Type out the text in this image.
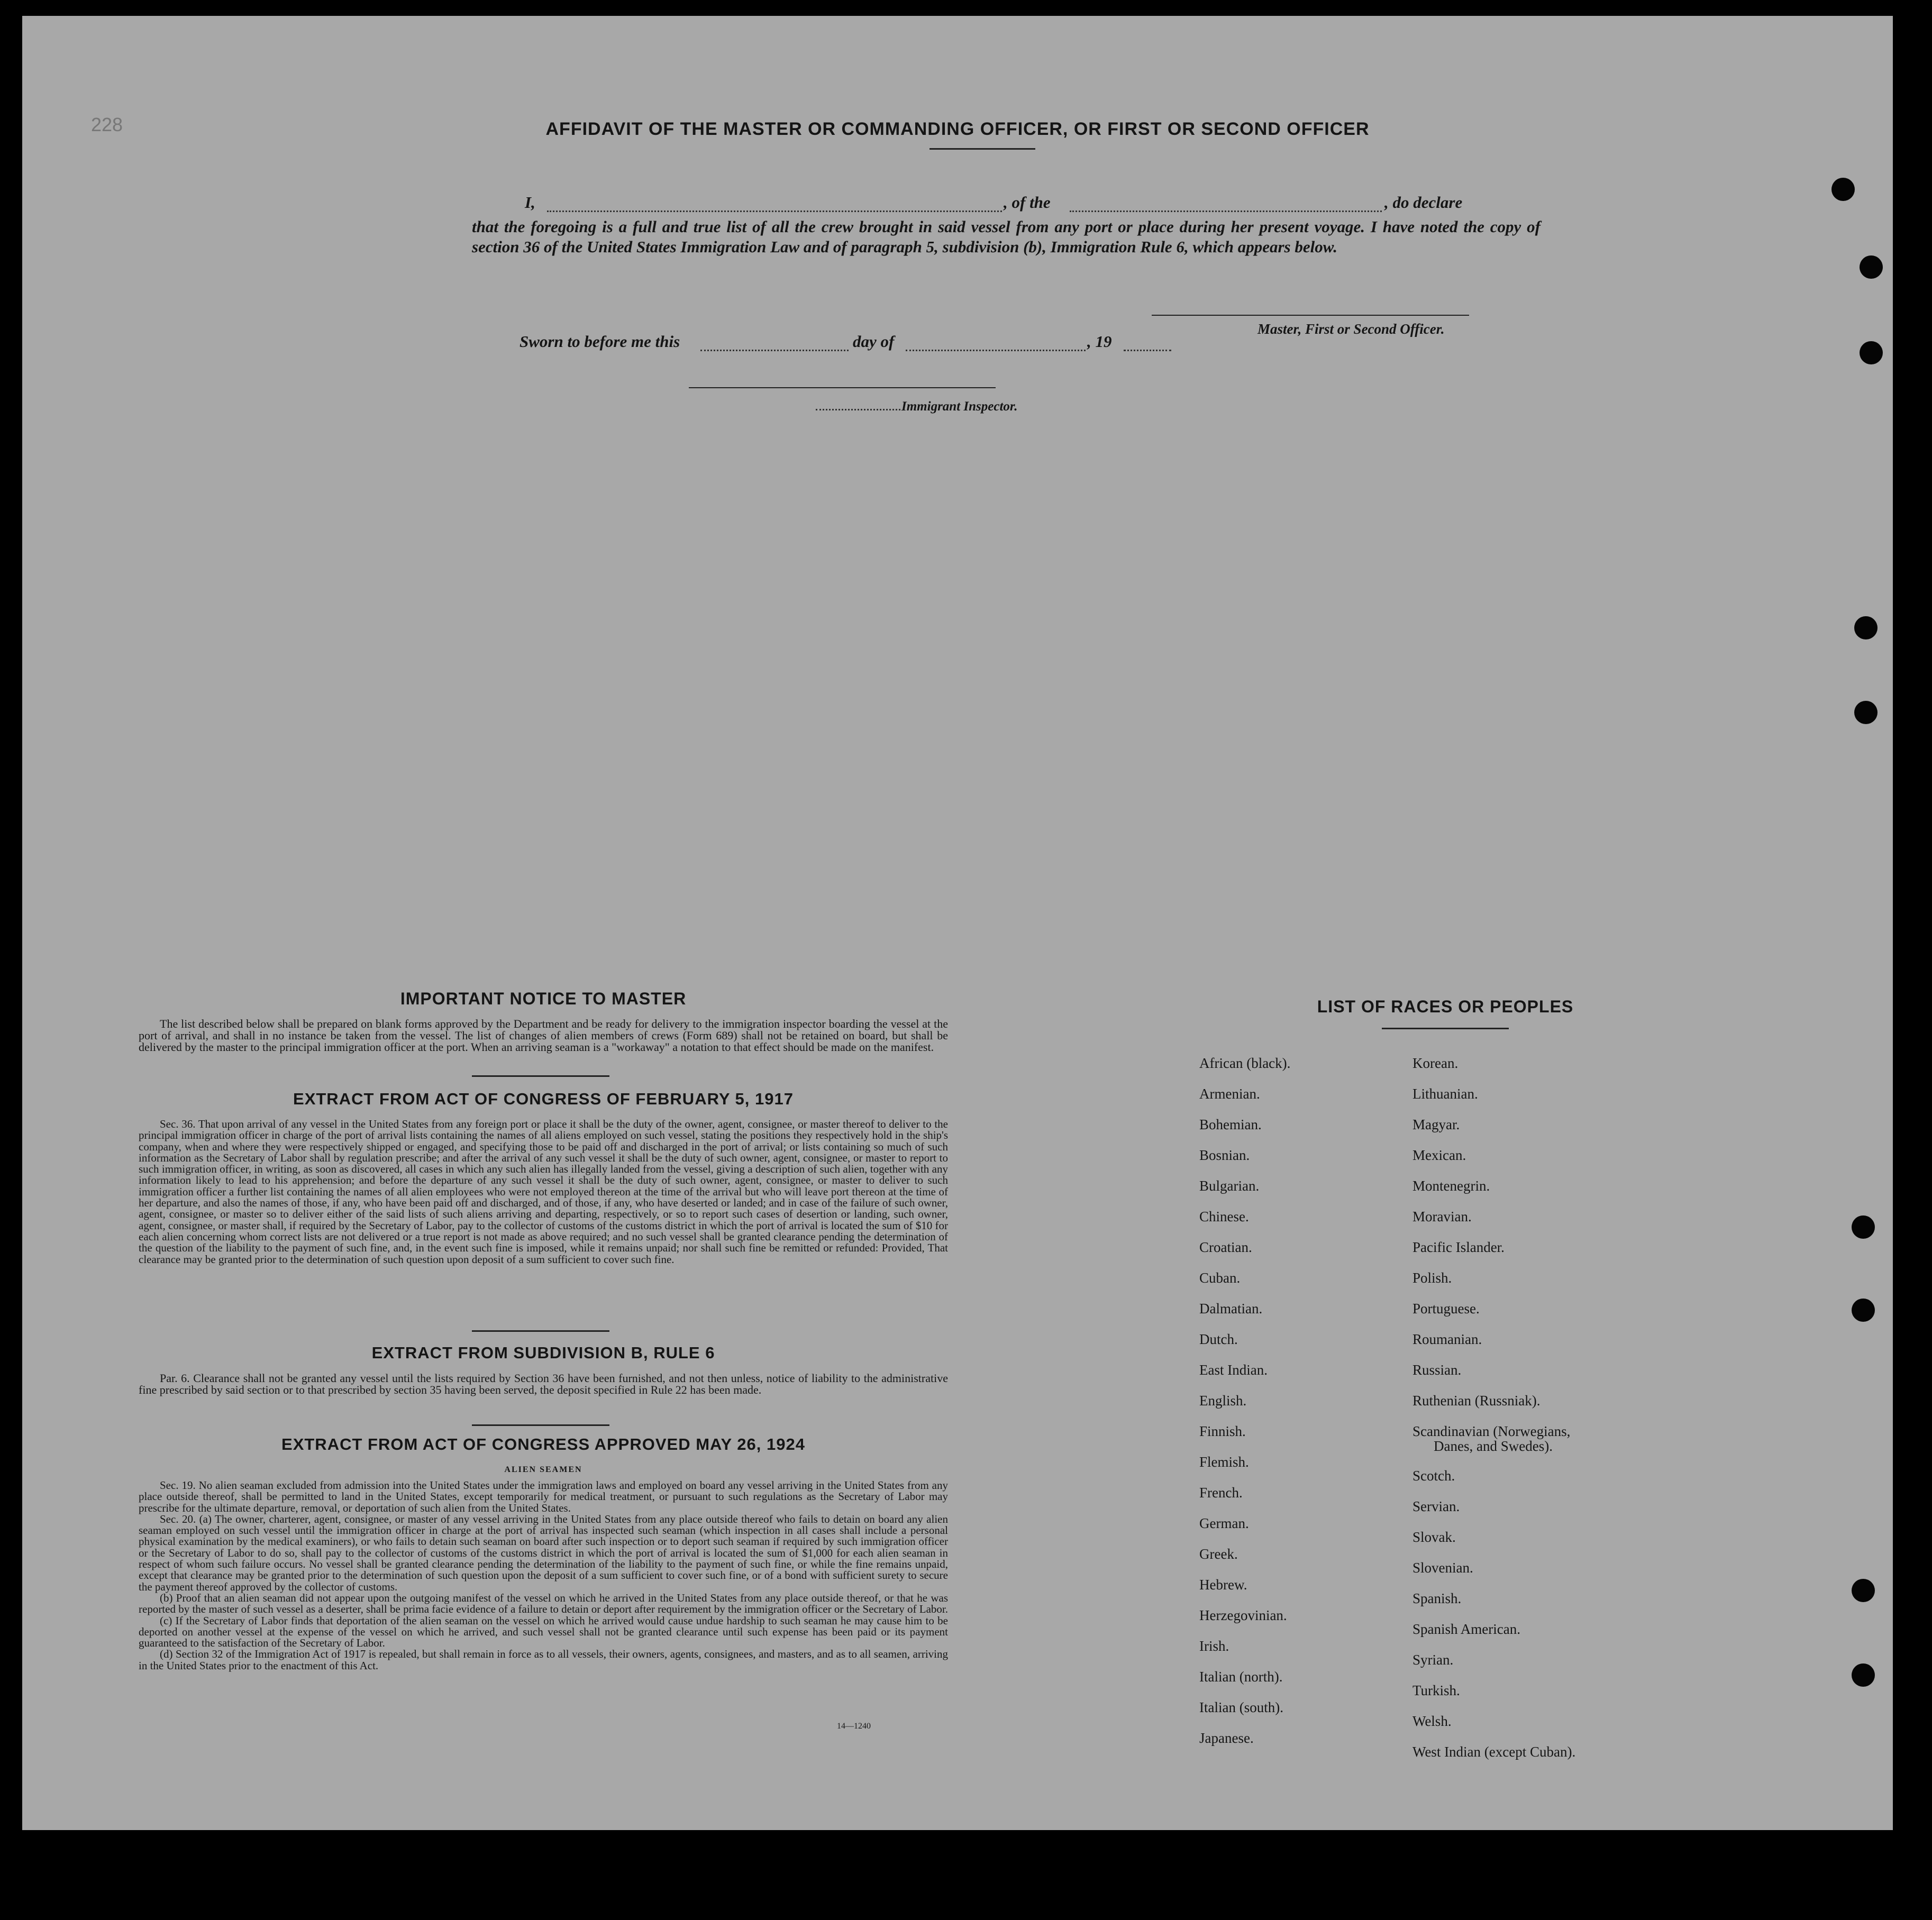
228	AFFIDAVIT OF THE MASTER OR COMMANDING OFFICER, OR FIRST OR SECOND OFFICER
I,	, of the	, do declare
that the foregoing is a full and true list of all the crew brought in said vessel from any port or place during her present voyage. I have noted the copy of section 36 of the United States Immigration Law and of paragraph 5, subdivision (b), Immigration Rule 6, which appears below.
Master, First or Second Officer.
Sworn to before me this	day of	, 19
Immigrant Inspector.
IMPORTANT NOTICE TO MASTER

The list described below shall be prepared on blank forms approved by the Department and be ready for delivery to the immigration inspector boarding the vessel at the port of arrival, and shall in no instance be taken from the vessel. The list of changes of alien members of crews (Form 689) shall not be retained on board, but shall be delivered by the master to the principal immigration officer at the port. When an arriving seaman is a "workaway" a notation to that effect should be made on the manifest.

EXTRACT FROM ACT OF CONGRESS OF FEBRUARY 5, 1917

Sec. 36. That upon arrival of any vessel in the United States from any foreign port or place it shall be the duty of the owner, agent, consignee, or master thereof to deliver to the principal immigration officer in charge of the port of arrival lists containing the names of all aliens employed on such vessel, stating the positions they respectively hold in the ship's company, when and where they were respectively shipped or engaged, and specifying those to be paid off and discharged in the port of arrival; or lists containing so much of such information as the Secretary of Labor shall by regulation prescribe; and after the arrival of any such vessel it shall be the duty of such owner, agent, consignee, or master to report to such immigration officer, in writing, as soon as discovered, all cases in which any such alien has illegally landed from the vessel, giving a description of such alien, together with any information likely to lead to his apprehension; and before the departure of any such vessel it shall be the duty of such owner, agent, consignee, or master to deliver to such immigration officer a further list containing the names of all alien employees who were not employed thereon at the time of the arrival but who will leave port thereon at the time of her departure, and also the names of those, if any, who have been paid off and discharged, and of those, if any, who have deserted or landed; and in case of the failure of such owner, agent, consignee, or master so to deliver either of the said lists of such aliens arriving and departing, respectively, or so to report such cases of desertion or landing, such owner, agent, consignee, or master shall, if required by the Secretary of Labor, pay to the collector of customs of the customs district in which the port of arrival is located the sum of $10 for each alien concerning whom correct lists are not delivered or a true report is not made as above required; and no such vessel shall be granted clearance pending the determination of the question of the liability to the payment of such fine, and, in the event such fine is imposed, while it remains unpaid; nor shall such fine be remitted or refunded: Provided, That clearance may be granted prior to the determination of such question upon deposit of a sum sufficient to cover such fine.

EXTRACT FROM SUBDIVISION B, RULE 6

Par. 6. Clearance shall not be granted any vessel until the lists required by Section 36 have been furnished, and not then unless, notice of liability to the administrative fine prescribed by said section or to that prescribed by section 35 having been served, the deposit specified in Rule 22 has been made.

EXTRACT FROM ACT OF CONGRESS APPROVED MAY 26, 1924
ALIEN SEAMEN

Sec. 19. No alien seaman excluded from admission into the United States under the immigration laws and employed on board any vessel arriving in the United States from any place outside thereof, shall be permitted to land in the United States, except temporarily for medical treatment, or pursuant to such regulations as the Secretary of Labor may prescribe for the ultimate departure, removal, or deportation of such alien from the United States.

Sec. 20. (a) The owner, charterer, agent, consignee, or master of any vessel arriving in the United States from any place outside thereof who fails to detain on board any alien seaman employed on such vessel until the immigration officer in charge at the port of arrival has inspected such seaman (which inspection in all cases shall include a personal physical examination by the medical examiners), or who fails to detain such seaman on board after such inspection or to deport such seaman if required by such immigration officer or the Secretary of Labor to do so, shall pay to the collector of customs of the customs district in which the port of arrival is located the sum of $1,000 for each alien seaman in respect of whom such failure occurs. No vessel shall be granted clearance pending the determination of the liability to the payment of such fine, or while the fine remains unpaid, except that clearance may be granted prior to the determination of such question upon the deposit of a sum sufficient to cover such fine, or of a bond with sufficient surety to secure the payment thereof approved by the collector of customs.

(b) Proof that an alien seaman did not appear upon the outgoing manifest of the vessel on which he arrived in the United States from any place outside thereof, or that he was reported by the master of such vessel as a deserter, shall be prima facie evidence of a failure to detain or deport after requirement by the immigration officer or the Secretary of Labor.

(c) If the Secretary of Labor finds that deportation of the alien seaman on the vessel on which he arrived would cause undue hardship to such seaman he may cause him to be deported on another vessel at the expense of the vessel on which he arrived, and such vessel shall not be granted clearance until such expense has been paid or its payment guaranteed to the satisfaction of the Secretary of Labor.

(d) Section 32 of the Immigration Act of 1917 is repealed, but shall remain in force as to all vessels, their owners, agents, consignees, and masters, and as to all seamen, arriving in the United States prior to the enactment of this Act.

14—1240
LIST OF RACES OR PEOPLES
African (black).
Armenian.
Bohemian.
Bosnian.
Bulgarian.
Chinese.
Croatian.
Cuban.
Dalmatian.
Dutch.
East Indian.
English.
Finnish.
Flemish.
French.
German.
Greek.
Hebrew.
Herzegovinian.
Irish.
Italian (north).
Italian (south).
Japanese.
Korean.
Lithuanian.
Magyar.
Mexican.
Montenegrin.
Moravian.
Pacific Islander.
Polish.
Portuguese.
Roumanian.
Russian.
Ruthenian (Russniak).
Scandinavian (Norwegians,
Danes, and Swedes).
Scotch.
Servian.
Slovak.
Slovenian.
Spanish.
Spanish American.
Syrian.
Turkish.
Welsh.
West Indian (except Cuban).
